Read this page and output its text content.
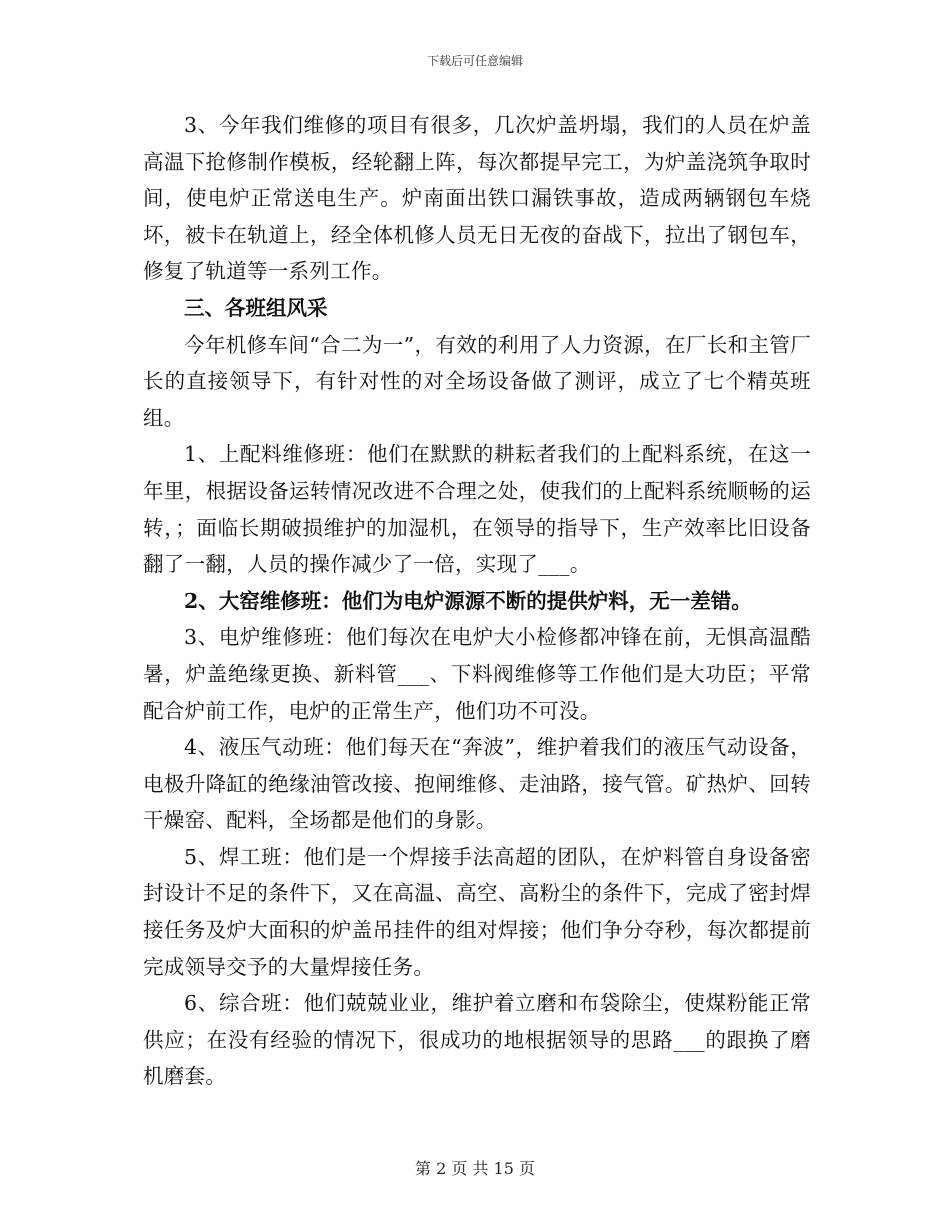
下载后可任意编辑

3、今年我们维修的项目有很多，几次炉盖坍塌，我们的人员在炉盖高温下抢修制作模板，经轮翻上阵，每次都提早完工，为炉盖浇筑争取时间，使电炉正常送电生产。炉南面出铁口漏铁事故，造成两辆钢包车烧坏，被卡在轨道上，经全体机修人员无日无夜的奋战下，拉出了钢包车，修复了轨道等一系列工作。

三、各班组风采

今年机修车间“合二为一”，有效的利用了人力资源，在厂长和主管厂长的直接领导下，有针对性的对全场设备做了测评，成立了七个精英班组。

1、上配料维修班：他们在默默的耕耘者我们的上配料系统，在这一年里，根据设备运转情况改进不合理之处，使我们的上配料系统顺畅的运转，；面临长期破损维护的加湿机，在领导的指导下，生产效率比旧设备翻了一翻，人员的操作减少了一倍，实现了___。

2、大窑维修班：他们为电炉源源不断的提供炉料，无一差错。

3、电炉维修班：他们每次在电炉大小检修都冲锋在前，无惧高温酷暑，炉盖绝缘更换、新料管___、下料阀维修等工作他们是大功臣；平常配合炉前工作，电炉的正常生产，他们功不可没。

4、液压气动班：他们每天在“奔波”，维护着我们的液压气动设备，电极升降缸的绝缘油管改接、抱闸维修、走油路，接气管。矿热炉、回转干燥窑、配料，全场都是他们的身影。

5、焊工班：他们是一个焊接手法高超的团队，在炉料管自身设备密封设计不足的条件下，又在高温、高空、高粉尘的条件下，完成了密封焊接任务及炉大面积的炉盖吊挂件的组对焊接；他们争分夺秒，每次都提前完成领导交予的大量焊接任务。

6、综合班：他们兢兢业业，维护着立磨和布袋除尘，使煤粉能正常供应；在没有经验的情况下，很成功的地根据领导的思路___的跟换了磨机磨套。

第 2 页 共 15 页
